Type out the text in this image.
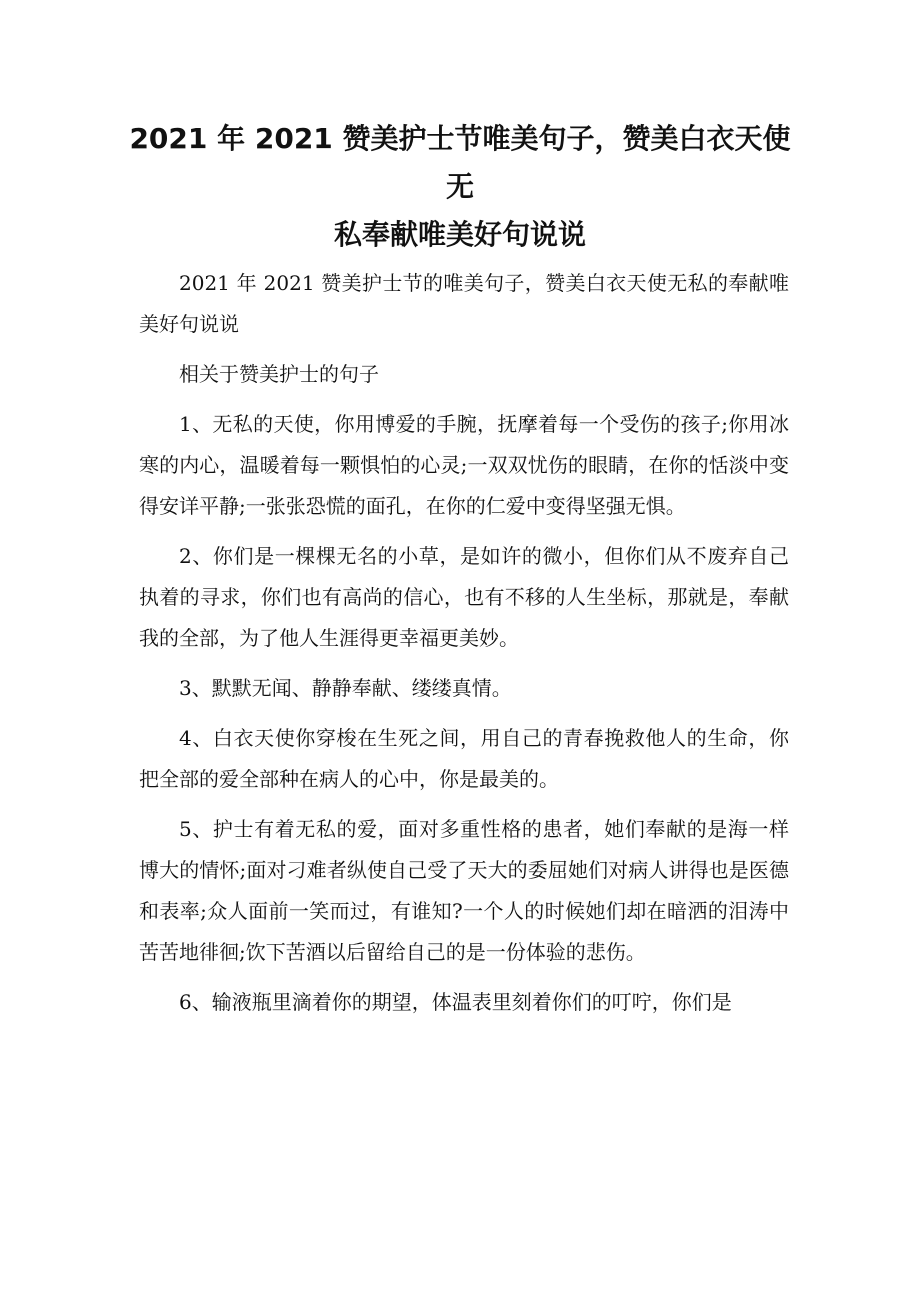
2021 年 2021 赞美护士节唯美句子，赞美白衣天使无
私奉献唯美好句说说

2021 年 2021 赞美护士节的唯美句子，赞美白衣天使无私的奉献唯美好句说说

相关于赞美护士的句子

1、无私的天使，你用博爱的手腕，抚摩着每一个受伤的孩子;你用冰寒的内心，温暖着每一颗惧怕的心灵;一双双忧伤的眼睛，在你的恬淡中变得安详平静;一张张恐慌的面孔，在你的仁爱中变得坚强无惧。

2、你们是一棵棵无名的小草，是如许的微小，但你们从不废弃自己执着的寻求，你们也有高尚的信心，也有不移的人生坐标，那就是，奉献我的全部，为了他人生涯得更幸福更美妙。

3、默默无闻、静静奉献、缕缕真情。

4、白衣天使你穿梭在生死之间，用自己的青春挽救他人的生命，你把全部的爱全部种在病人的心中，你是最美的。

5、护士有着无私的爱，面对多重性格的患者，她们奉献的是海一样博大的情怀;面对刁难者纵使自己受了天大的委屈她们对病人讲得也是医德和表率;众人面前一笑而过，有谁知?一个人的时候她们却在暗洒的泪涛中苦苦地徘徊;饮下苦酒以后留给自己的是一份体验的悲伤。

6、输液瓶里滴着你的期望，体温表里刻着你们的叮咛，你们是
